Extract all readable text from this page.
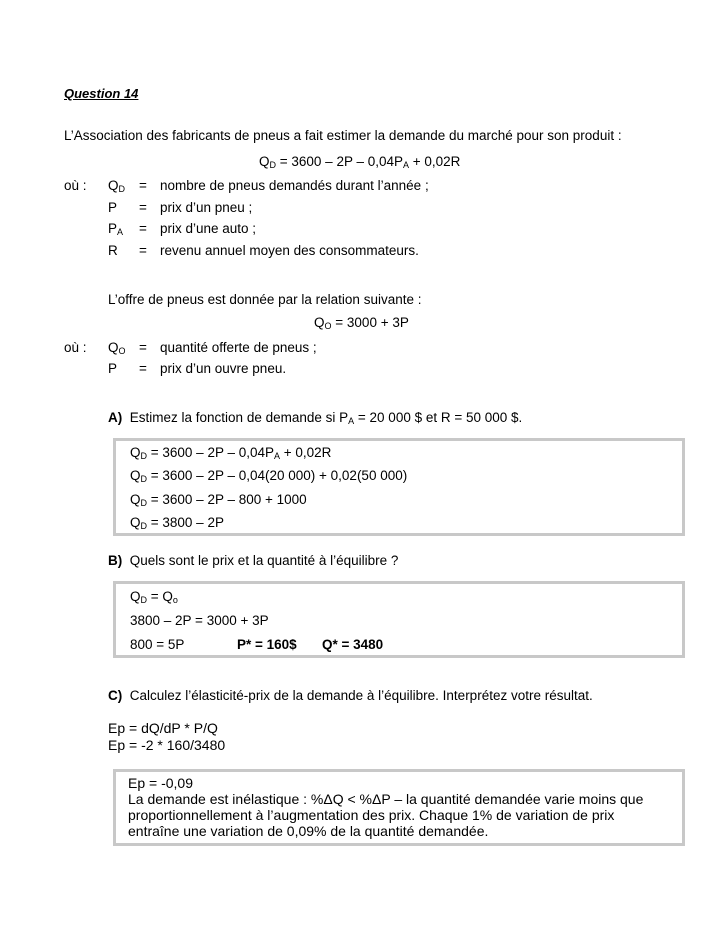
Question 14
L’Association des fabricants de pneus a fait estimer la demande du marché pour son produit :
$Q_D = 3600 - 2P - 0,04P_A + 0,02R$
où : $Q_D$ = nombre de pneus demandés durant l’année ;
P = prix d’un pneu ;
$P_A$ = prix d’une auto ;
R = revenu annuel moyen des consommateurs.
L’offre de pneus est donnée par la relation suivante :
$Q_O = 3000 + 3P$
où : $Q_O$ = quantité offerte de pneus ;
P = prix d’un ouvre pneu.
A) Estimez la fonction de demande si $P_A = 20$ 000 $ et R = 50 000 $.
$Q_D = 3600 - 2P - 0,04P_A + 0,02R$
$Q_D = 3600 - 2P - 0,04(20$ 000) + 0,02(50 000)
$Q_D = 3600 - 2P - 800 + 1000$
$Q_D = 3800 - 2P$
B) Quels sont le prix et la quantité à l’équilibre ?
$Q_D = Q_o$
3800 – 2P = 3000 + 3P
800 = 5P	P* = 160$ Q* = 3480
C) Calculez l’élasticité-prix de la demande à l’équilibre. Interprétez votre résultat.
Ep = dQ/dP * P/Q
Ep = -2 * 160/3480
Ep = -0,09
La demande est inélastique : %ΔQ < %ΔP – la quantité demandée varie moins que
proportionnellement à l’augmentation des prix. Chaque 1% de variation de prix
entraîne une variation de 0,09% de la quantité demandée.
